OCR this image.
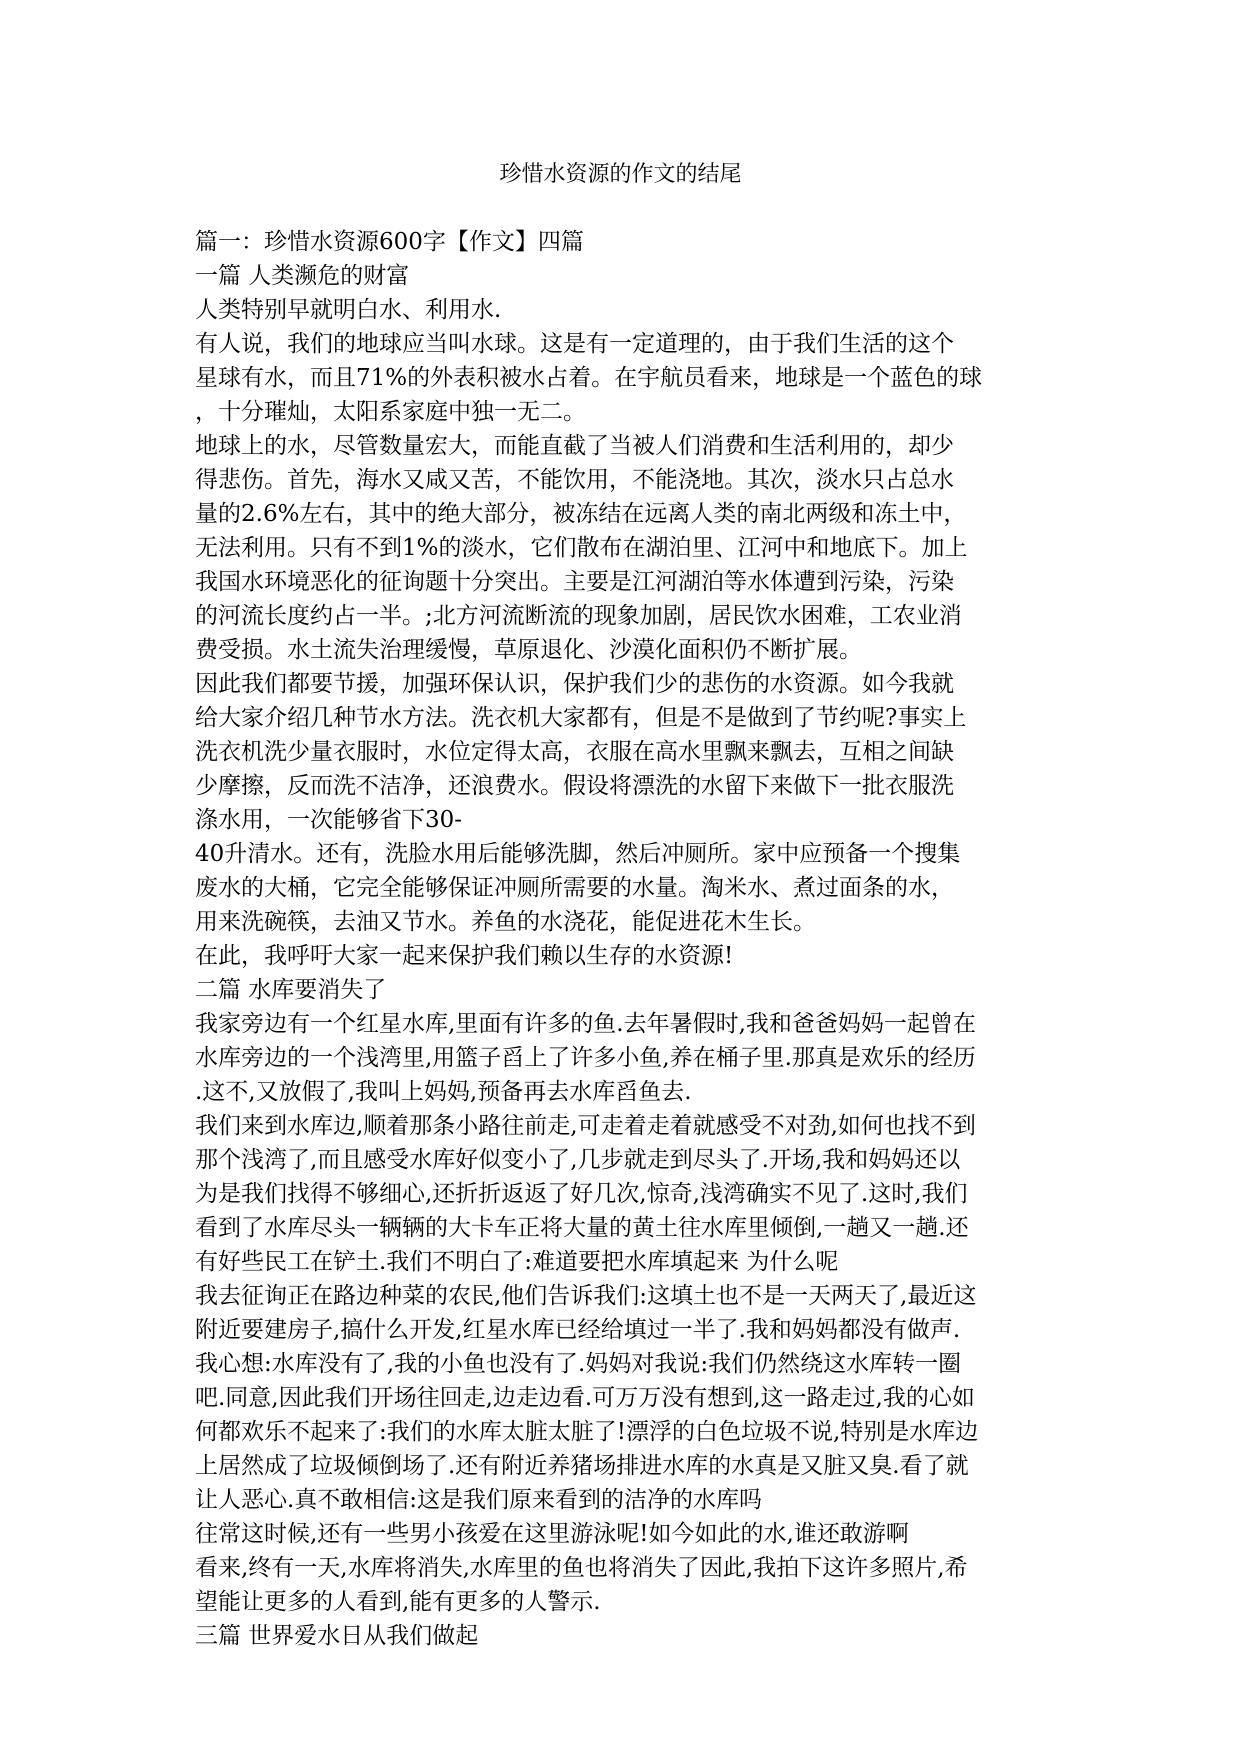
珍惜水资源的作文的结尾
篇一：珍惜水资源600字【作文】四篇
一篇 人类濒危的财富
人类特别早就明白水、利用水.
有人说，我们的地球应当叫水球。这是有一定道理的，由于我们生活的这个
星球有水，而且71%的外表积被水占着。在宇航员看来，地球是一个蓝色的球
，十分璀灿，太阳系家庭中独一无二。
地球上的水，尽管数量宏大，而能直截了当被人们消费和生活利用的，却少
得悲伤。首先，海水又咸又苦，不能饮用，不能浇地。其次，淡水只占总水
量的2.6%左右，其中的绝大部分，被冻结在远离人类的南北两级和冻土中，
无法利用。只有不到1%的淡水，它们散布在湖泊里、江河中和地底下。加上
我国水环境恶化的征询题十分突出。主要是江河湖泊等水体遭到污染，污染
的河流长度约占一半。;北方河流断流的现象加剧，居民饮水困难，工农业消
费受损。水土流失治理缓慢，草原退化、沙漠化面积仍不断扩展。
因此我们都要节援，加强环保认识，保护我们少的悲伤的水资源。如今我就
给大家介绍几种节水方法。洗衣机大家都有，但是不是做到了节约呢?事实上
洗衣机洗少量衣服时，水位定得太高，衣服在高水里飘来飘去，互相之间缺
少摩擦，反而洗不洁净，还浪费水。假设将漂洗的水留下来做下一批衣服洗
涤水用，一次能够省下30-
40升清水。还有，洗脸水用后能够洗脚，然后冲厕所。家中应预备一个搜集
废水的大桶，它完全能够保证冲厕所需要的水量。淘米水、煮过面条的水，
用来洗碗筷，去油又节水。养鱼的水浇花，能促进花木生长。
在此，我呼吁大家一起来保护我们赖以生存的水资源!
二篇 水库要消失了
我家旁边有一个红星水库,里面有许多的鱼.去年暑假时,我和爸爸妈妈一起曾在
水库旁边的一个浅湾里,用篮子舀上了许多小鱼,养在桶子里.那真是欢乐的经历
.这不,又放假了,我叫上妈妈,预备再去水库舀鱼去.
我们来到水库边,顺着那条小路往前走,可走着走着就感受不对劲,如何也找不到
那个浅湾了,而且感受水库好似变小了,几步就走到尽头了.开场,我和妈妈还以
为是我们找得不够细心,还折折返返了好几次,惊奇,浅湾确实不见了.这时,我们
看到了水库尽头一辆辆的大卡车正将大量的黄土往水库里倾倒,一趟又一趟.还
有好些民工在铲土.我们不明白了:难道要把水库填起来 为什么呢
我去征询正在路边种菜的农民,他们告诉我们:这填土也不是一天两天了,最近这
附近要建房子,搞什么开发,红星水库已经给填过一半了.我和妈妈都没有做声.
我心想:水库没有了,我的小鱼也没有了.妈妈对我说:我们仍然绕这水库转一圈
吧.同意,因此我们开场往回走,边走边看.可万万没有想到,这一路走过,我的心如
何都欢乐不起来了:我们的水库太脏太脏了!漂浮的白色垃圾不说,特别是水库边
上居然成了垃圾倾倒场了.还有附近养猪场排进水库的水真是又脏又臭.看了就
让人恶心.真不敢相信:这是我们原来看到的洁净的水库吗
往常这时候,还有一些男小孩爱在这里游泳呢!如今如此的水,谁还敢游啊
看来,终有一天,水库将消失,水库里的鱼也将消失了因此,我拍下这许多照片,希
望能让更多的人看到,能有更多的人警示.
三篇 世界爱水日从我们做起
